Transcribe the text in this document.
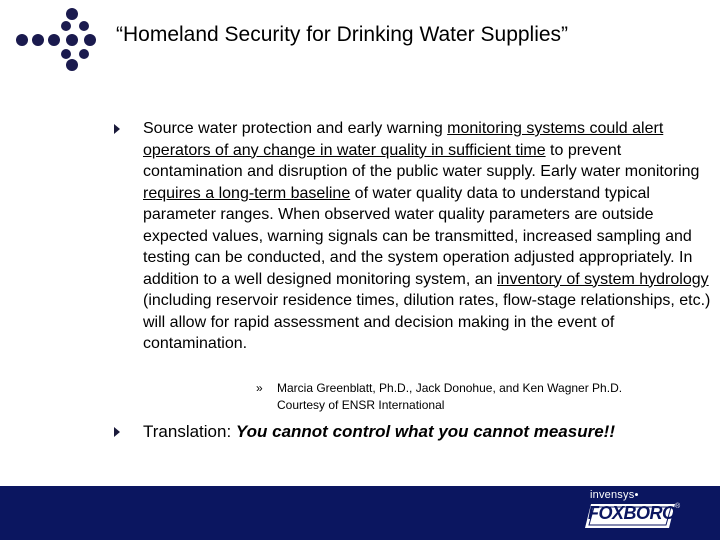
“Homeland Security for Drinking Water Supplies”
Source water protection and early warning monitoring systems could alert operators of any change in water quality in sufficient time to prevent contamination and disruption of the public water supply. Early water monitoring requires a long-term baseline of water quality data to understand typical parameter ranges. When observed water quality parameters are outside expected values, warning signals can be transmitted, increased sampling and testing can be conducted, and the system operation adjusted appropriately. In addition to a well designed monitoring system, an inventory of system hydrology (including reservoir residence times, dilution rates, flow-stage relationships, etc.) will allow for rapid assessment and decision making in the event of contamination.
» Marcia Greenblatt, Ph.D., Jack Donohue, and Ken Wagner Ph.D.
Courtesy of ENSR International
Translation: You cannot control what you cannot measure!!
invensys●
FOXBORO ®
